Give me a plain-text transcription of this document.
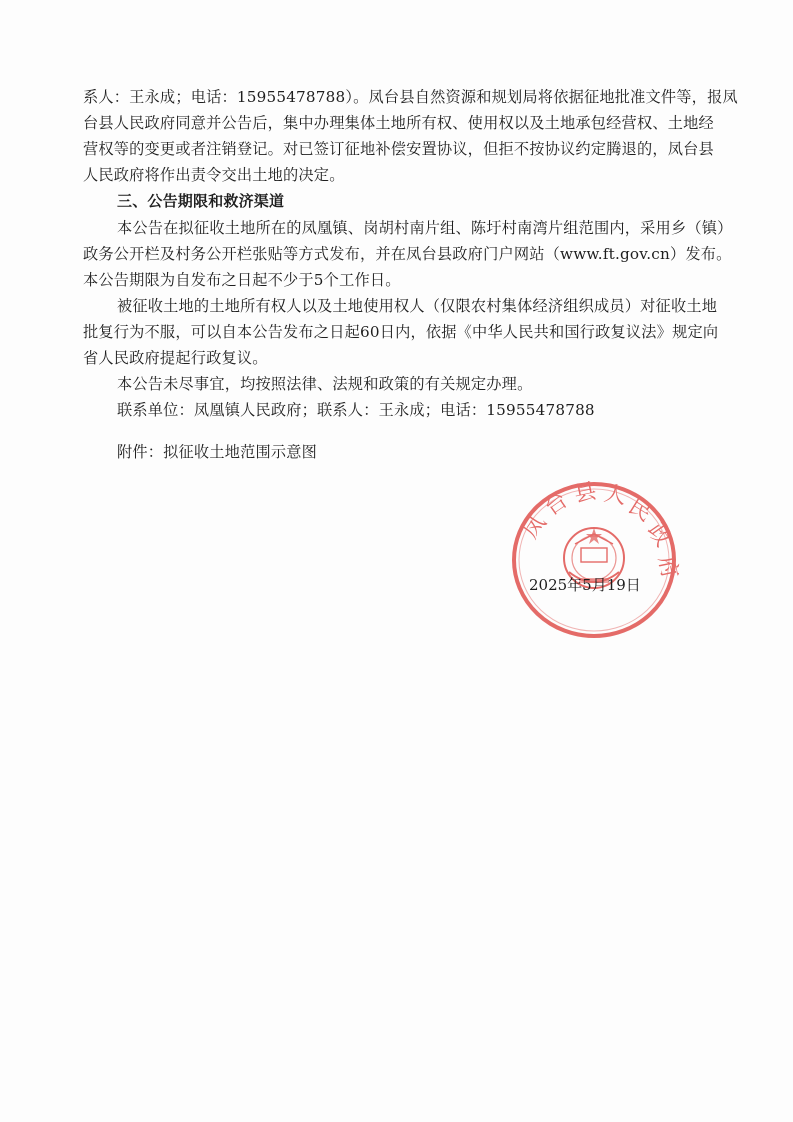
系人：王永成；电话：15955478788）。凤台县自然资源和规划局将依据征地批准文件等，报凤
台县人民政府同意并公告后，集中办理集体土地所有权、使用权以及土地承包经营权、土地经
营权等的变更或者注销登记。对已签订征地补偿安置协议，但拒不按协议约定腾退的，凤台县
人民政府将作出责令交出土地的决定。
三、公告期限和救济渠道
本公告在拟征收土地所在的凤凰镇、岗胡村南片组、陈圩村南湾片组范围内，采用乡（镇）
政务公开栏及村务公开栏张贴等方式发布，并在凤台县政府门户网站（www.ft.gov.cn）发布。
本公告期限为自发布之日起不少于5个工作日。
被征收土地的土地所有权人以及土地使用权人（仅限农村集体经济组织成员）对征收土地
批复行为不服，可以自本公告发布之日起60日内，依据《中华人民共和国行政复议法》规定向
省人民政府提起行政复议。
本公告未尽事宜，均按照法律、法规和政策的有关规定办理。
联系单位：凤凰镇人民政府；联系人：王永成；电话：15955478788
附件：拟征收土地范围示意图
凤
台 县 人
民
政
府
2025年5月19日
